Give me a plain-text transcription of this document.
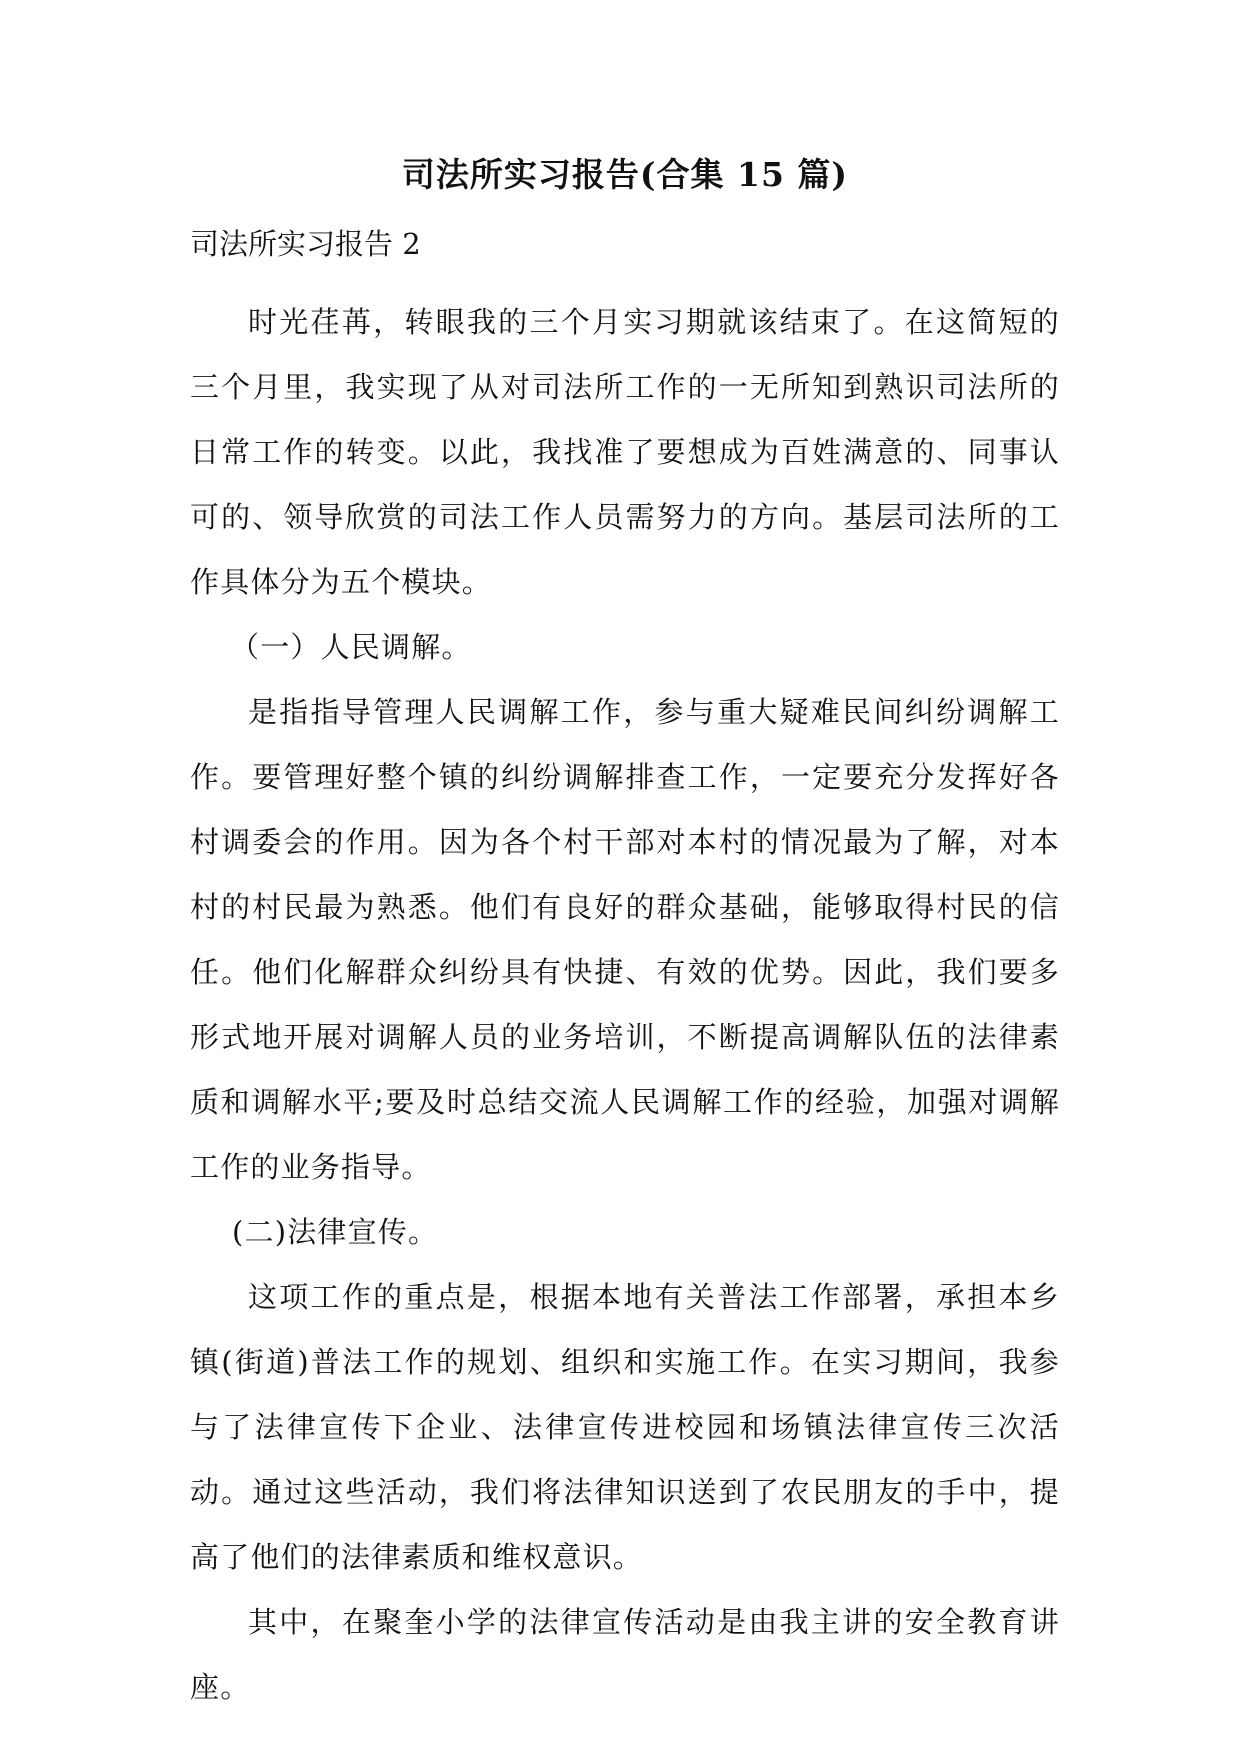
司法所实习报告(合集 15 篇)
司法所实习报告 2

时光荏苒，转眼我的三个月实习期就该结束了。在这简短的三个月里，我实现了从对司法所工作的一无所知到熟识司法所的日常工作的转变。以此，我找准了要想成为百姓满意的、同事认可的、领导欣赏的司法工作人员需努力的方向。基层司法所的工作具体分为五个模块。

（一）人民调解。

是指指导管理人民调解工作，参与重大疑难民间纠纷调解工作。要管理好整个镇的纠纷调解排查工作，一定要充分发挥好各村调委会的作用。因为各个村干部对本村的情况最为了解，对本村的村民最为熟悉。他们有良好的群众基础，能够取得村民的信任。他们化解群众纠纷具有快捷、有效的优势。因此，我们要多形式地开展对调解人员的业务培训，不断提高调解队伍的法律素质和调解水平;要及时总结交流人民调解工作的经验，加强对调解工作的业务指导。

(二)法律宣传。

这项工作的重点是，根据本地有关普法工作部署，承担本乡镇(街道)普法工作的规划、组织和实施工作。在实习期间，我参与了法律宣传下企业、法律宣传进校园和场镇法律宣传三次活动。通过这些活动，我们将法律知识送到了农民朋友的手中，提高了他们的法律素质和维权意识。

其中，在聚奎小学的法律宣传活动是由我主讲的安全教育讲座。
